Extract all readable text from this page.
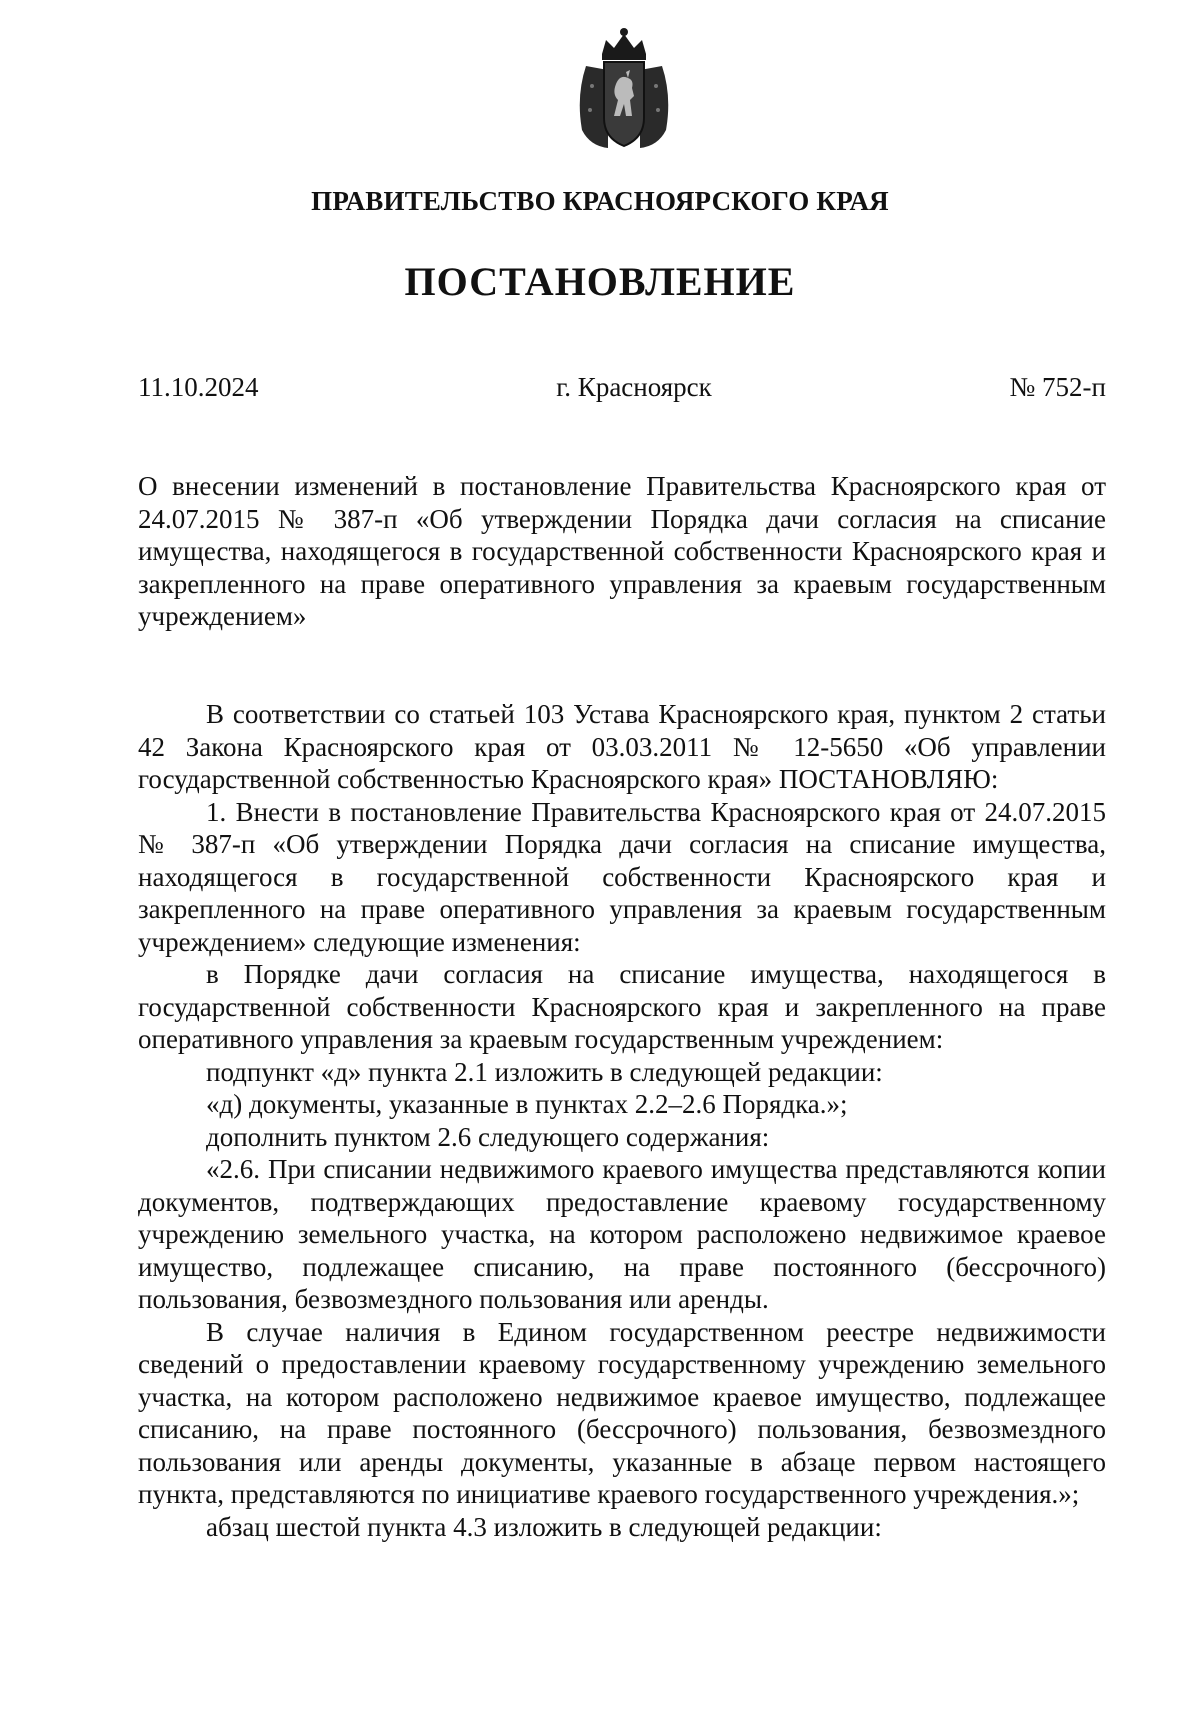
ПРАВИТЕЛЬСТВО КРАСНОЯРСКОГО КРАЯ
ПОСТАНОВЛЕНИЕ
11.10.2024	г. Красноярск	№ 752-п
О внесении изменений в постановление Правительства Красноярского края от 24.07.2015 № 387-п «Об утверждении Порядка дачи согласия на списание имущества, находящегося в государственной собственности Красноярского края и закрепленного на праве оперативного управления за краевым государственным учреждением»

В соответствии со статьей 103 Устава Красноярского края, пунктом 2 статьи 42 Закона Красноярского края от 03.03.2011 № 12-5650 «Об управлении государственной собственностью Красноярского края» ПОСТАНОВЛЯЮ:

1. Внести в постановление Правительства Красноярского края от 24.07.2015 № 387-п «Об утверждении Порядка дачи согласия на списание имущества, находящегося в государственной собственности Красноярского края и закрепленного на праве оперативного управления за краевым государственным учреждением» следующие изменения:

в Порядке дачи согласия на списание имущества, находящегося в государственной собственности Красноярского края и закрепленного на праве оперативного управления за краевым государственным учреждением:

подпункт «д» пункта 2.1 изложить в следующей редакции:

«д) документы, указанные в пунктах 2.2–2.6 Порядка.»;

дополнить пунктом 2.6 следующего содержания:

«2.6. При списании недвижимого краевого имущества представляются копии документов, подтверждающих предоставление краевому государственному учреждению земельного участка, на котором расположено недвижимое краевое имущество, подлежащее списанию, на праве постоянного (бессрочного) пользования, безвозмездного пользования или аренды.

В случае наличия в Едином государственном реестре недвижимости сведений о предоставлении краевому государственному учреждению земельного участка, на котором расположено недвижимое краевое имущество, подлежащее списанию, на праве постоянного (бессрочного) пользования, безвозмездного пользования или аренды документы, указанные в абзаце первом настоящего пункта, представляются по инициативе краевого государственного учреждения.»;

абзац шестой пункта 4.3 изложить в следующей редакции:
